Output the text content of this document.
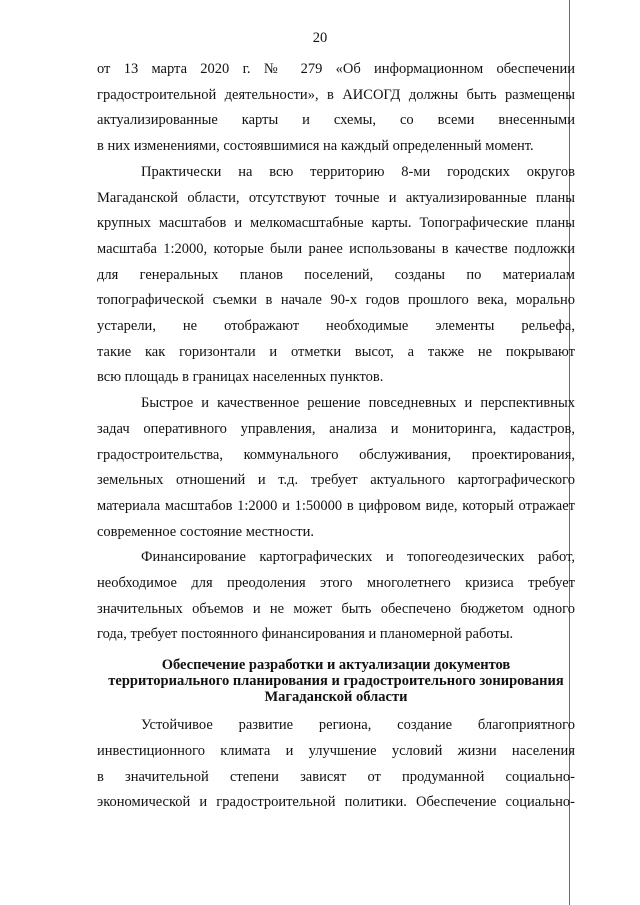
20

от 13 марта 2020 г. № 279 «Об информационном обеспечении
градостроительной деятельности», в АИСОГД должны быть размещены
актуализированные карты и схемы, со всеми внесенными
в них изменениями, состоявшимися на каждый определенный момент.

Практически на всю территорию 8-ми городских округов
Магаданской области, отсутствуют точные и актуализированные планы
крупных масштабов и мелкомасштабные карты. Топографические планы
масштаба 1:2000, которые были ранее использованы в качестве подложки
для генеральных планов поселений, созданы по материалам
топографической съемки в начале 90-х годов прошлого века, морально
устарели, не отображают необходимые элементы рельефа,
такие как горизонтали и отметки высот, а также не покрывают
всю площадь в границах населенных пунктов.

Быстрое и качественное решение повседневных и перспективных
задач оперативного управления, анализа и мониторинга, кадастров,
градостроительства, коммунального обслуживания, проектирования,
земельных отношений и т.д. требует актуального картографического
материала масштабов 1:2000 и 1:50000 в цифровом виде, который отражает
современное состояние местности.

Финансирование картографических и топогеодезических работ,
необходимое для преодоления этого многолетнего кризиса требует
значительных объемов и не может быть обеспечено бюджетом одного
года, требует постоянного финансирования и планомерной работы.

Обеспечение разработки и актуализации документов
территориального планирования и градостроительного зонирования
Магаданской области

Устойчивое развитие региона, создание благоприятного
инвестиционного климата и улучшение условий жизни населения
в значительной степени зависят от продуманной социально-
экономической и градостроительной политики. Обеспечение социально-
